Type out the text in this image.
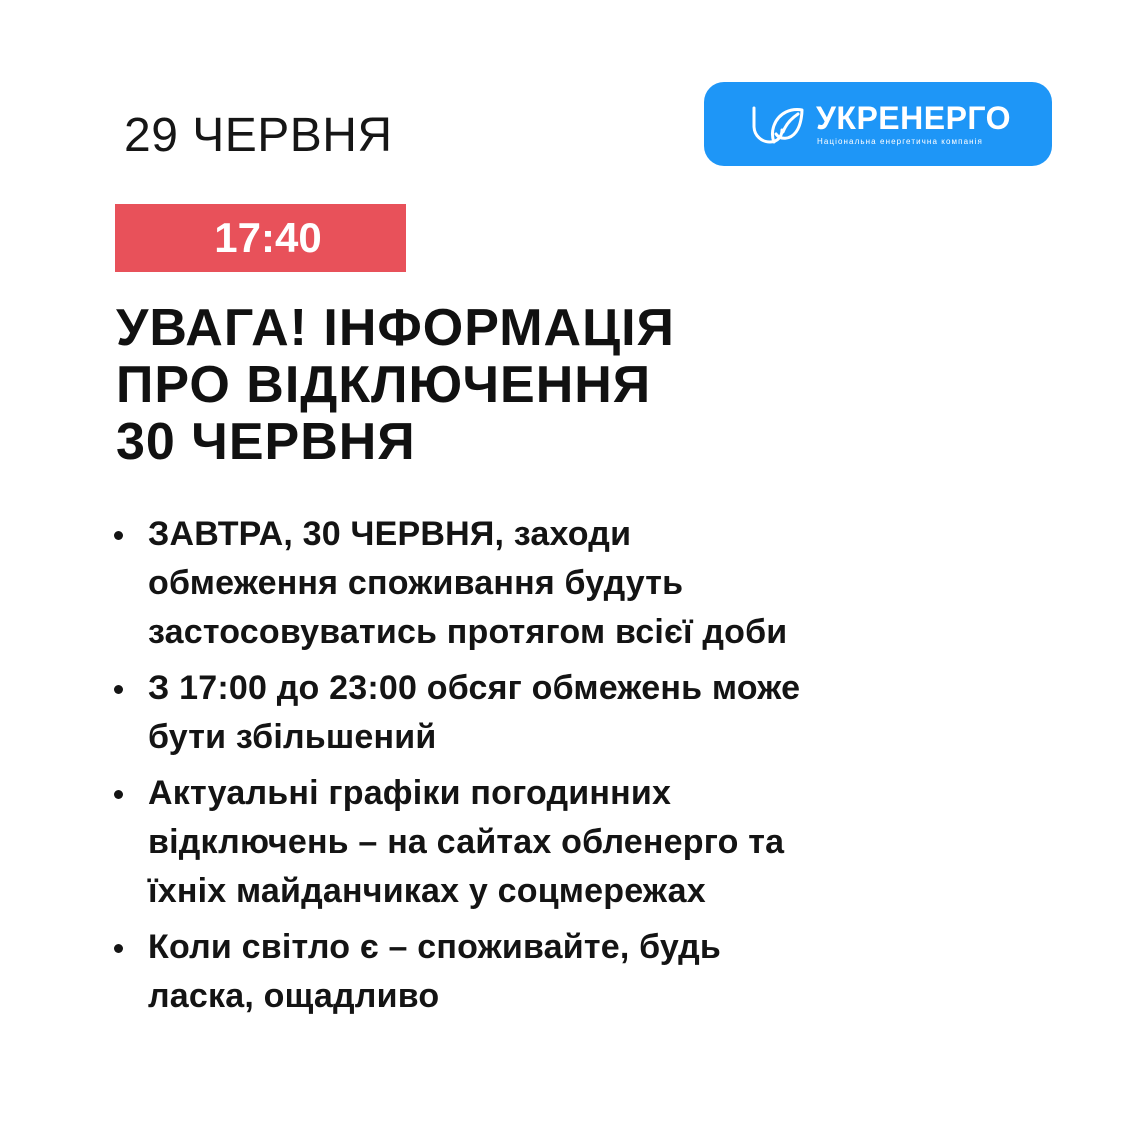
29 ЧЕРВНЯ	УКРЕНЕРГО
Національна енергетична компанія
17:40
УВАГА! ІНФОРМАЦІЯ
ПРО ВІДКЛЮЧЕННЯ
30 ЧЕРВНЯ
ЗАВТРА, 30 ЧЕРВНЯ, заходи
обмеження споживання будуть
застосовуватись протягом всієї доби
З 17:00 до 23:00 обсяг обмежень може
бути збільшений
Актуальні графіки погодинних
відключень – на сайтах обленерго та
їхніх майданчиках у соцмережах
Коли світло є – споживайте, будь
ласка, ощадливо
